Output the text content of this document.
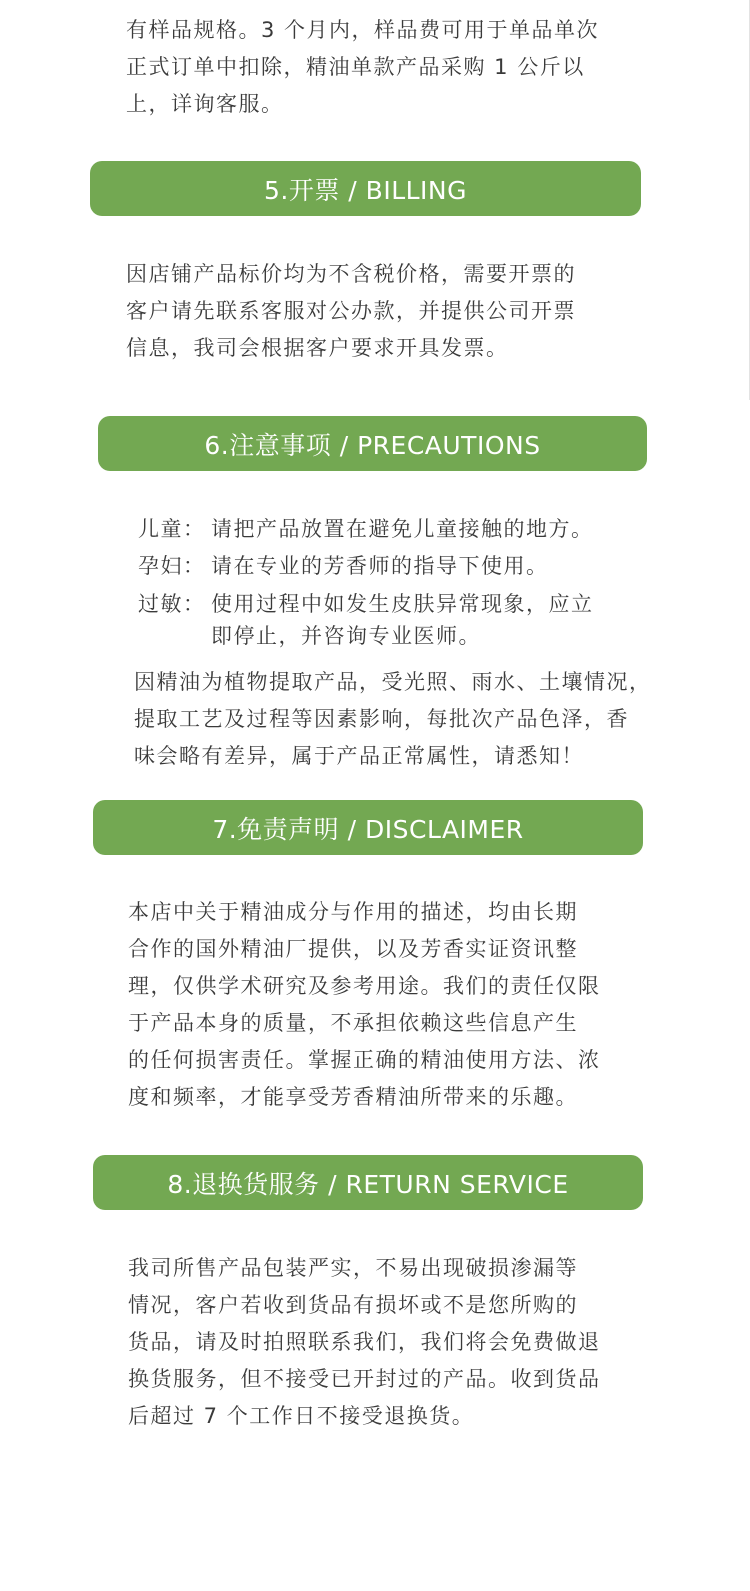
有样品规格。3 个月内，样品费可用于单品单次
正式订单中扣除，精油单款产品采购 1 公斤以
上，详询客服。

5.开票 / BILLING

因店铺产品标价均为不含税价格，需要开票的
客户请先联系客服对公办款，并提供公司开票
信息，我司会根据客户要求开具发票。

6.注意事项 / PRECAUTIONS
儿童： 请把产品放置在避免儿童接触的地方。
孕妇： 请在专业的芳香师的指导下使用。
过敏： 使用过程中如发生皮肤异常现象，应立
即停止，并咨询专业医师。

因精油为植物提取产品，受光照、雨水、土壤情况，
提取工艺及过程等因素影响，每批次产品色泽，香
味会略有差异，属于产品正常属性，请悉知！

7.免责声明 / DISCLAIMER

本店中关于精油成分与作用的描述，均由长期
合作的国外精油厂提供，以及芳香实证资讯整
理，仅供学术研究及参考用途。我们的责任仅限
于产品本身的质量，不承担依赖这些信息产生
的任何损害责任。掌握正确的精油使用方法、浓
度和频率，才能享受芳香精油所带来的乐趣。

8.退换货服务 / RETURN SERVICE

我司所售产品包装严实，不易出现破损渗漏等
情况，客户若收到货品有损坏或不是您所购的
货品，请及时拍照联系我们，我们将会免费做退
换货服务，但不接受已开封过的产品。收到货品
后超过 7 个工作日不接受退换货。
